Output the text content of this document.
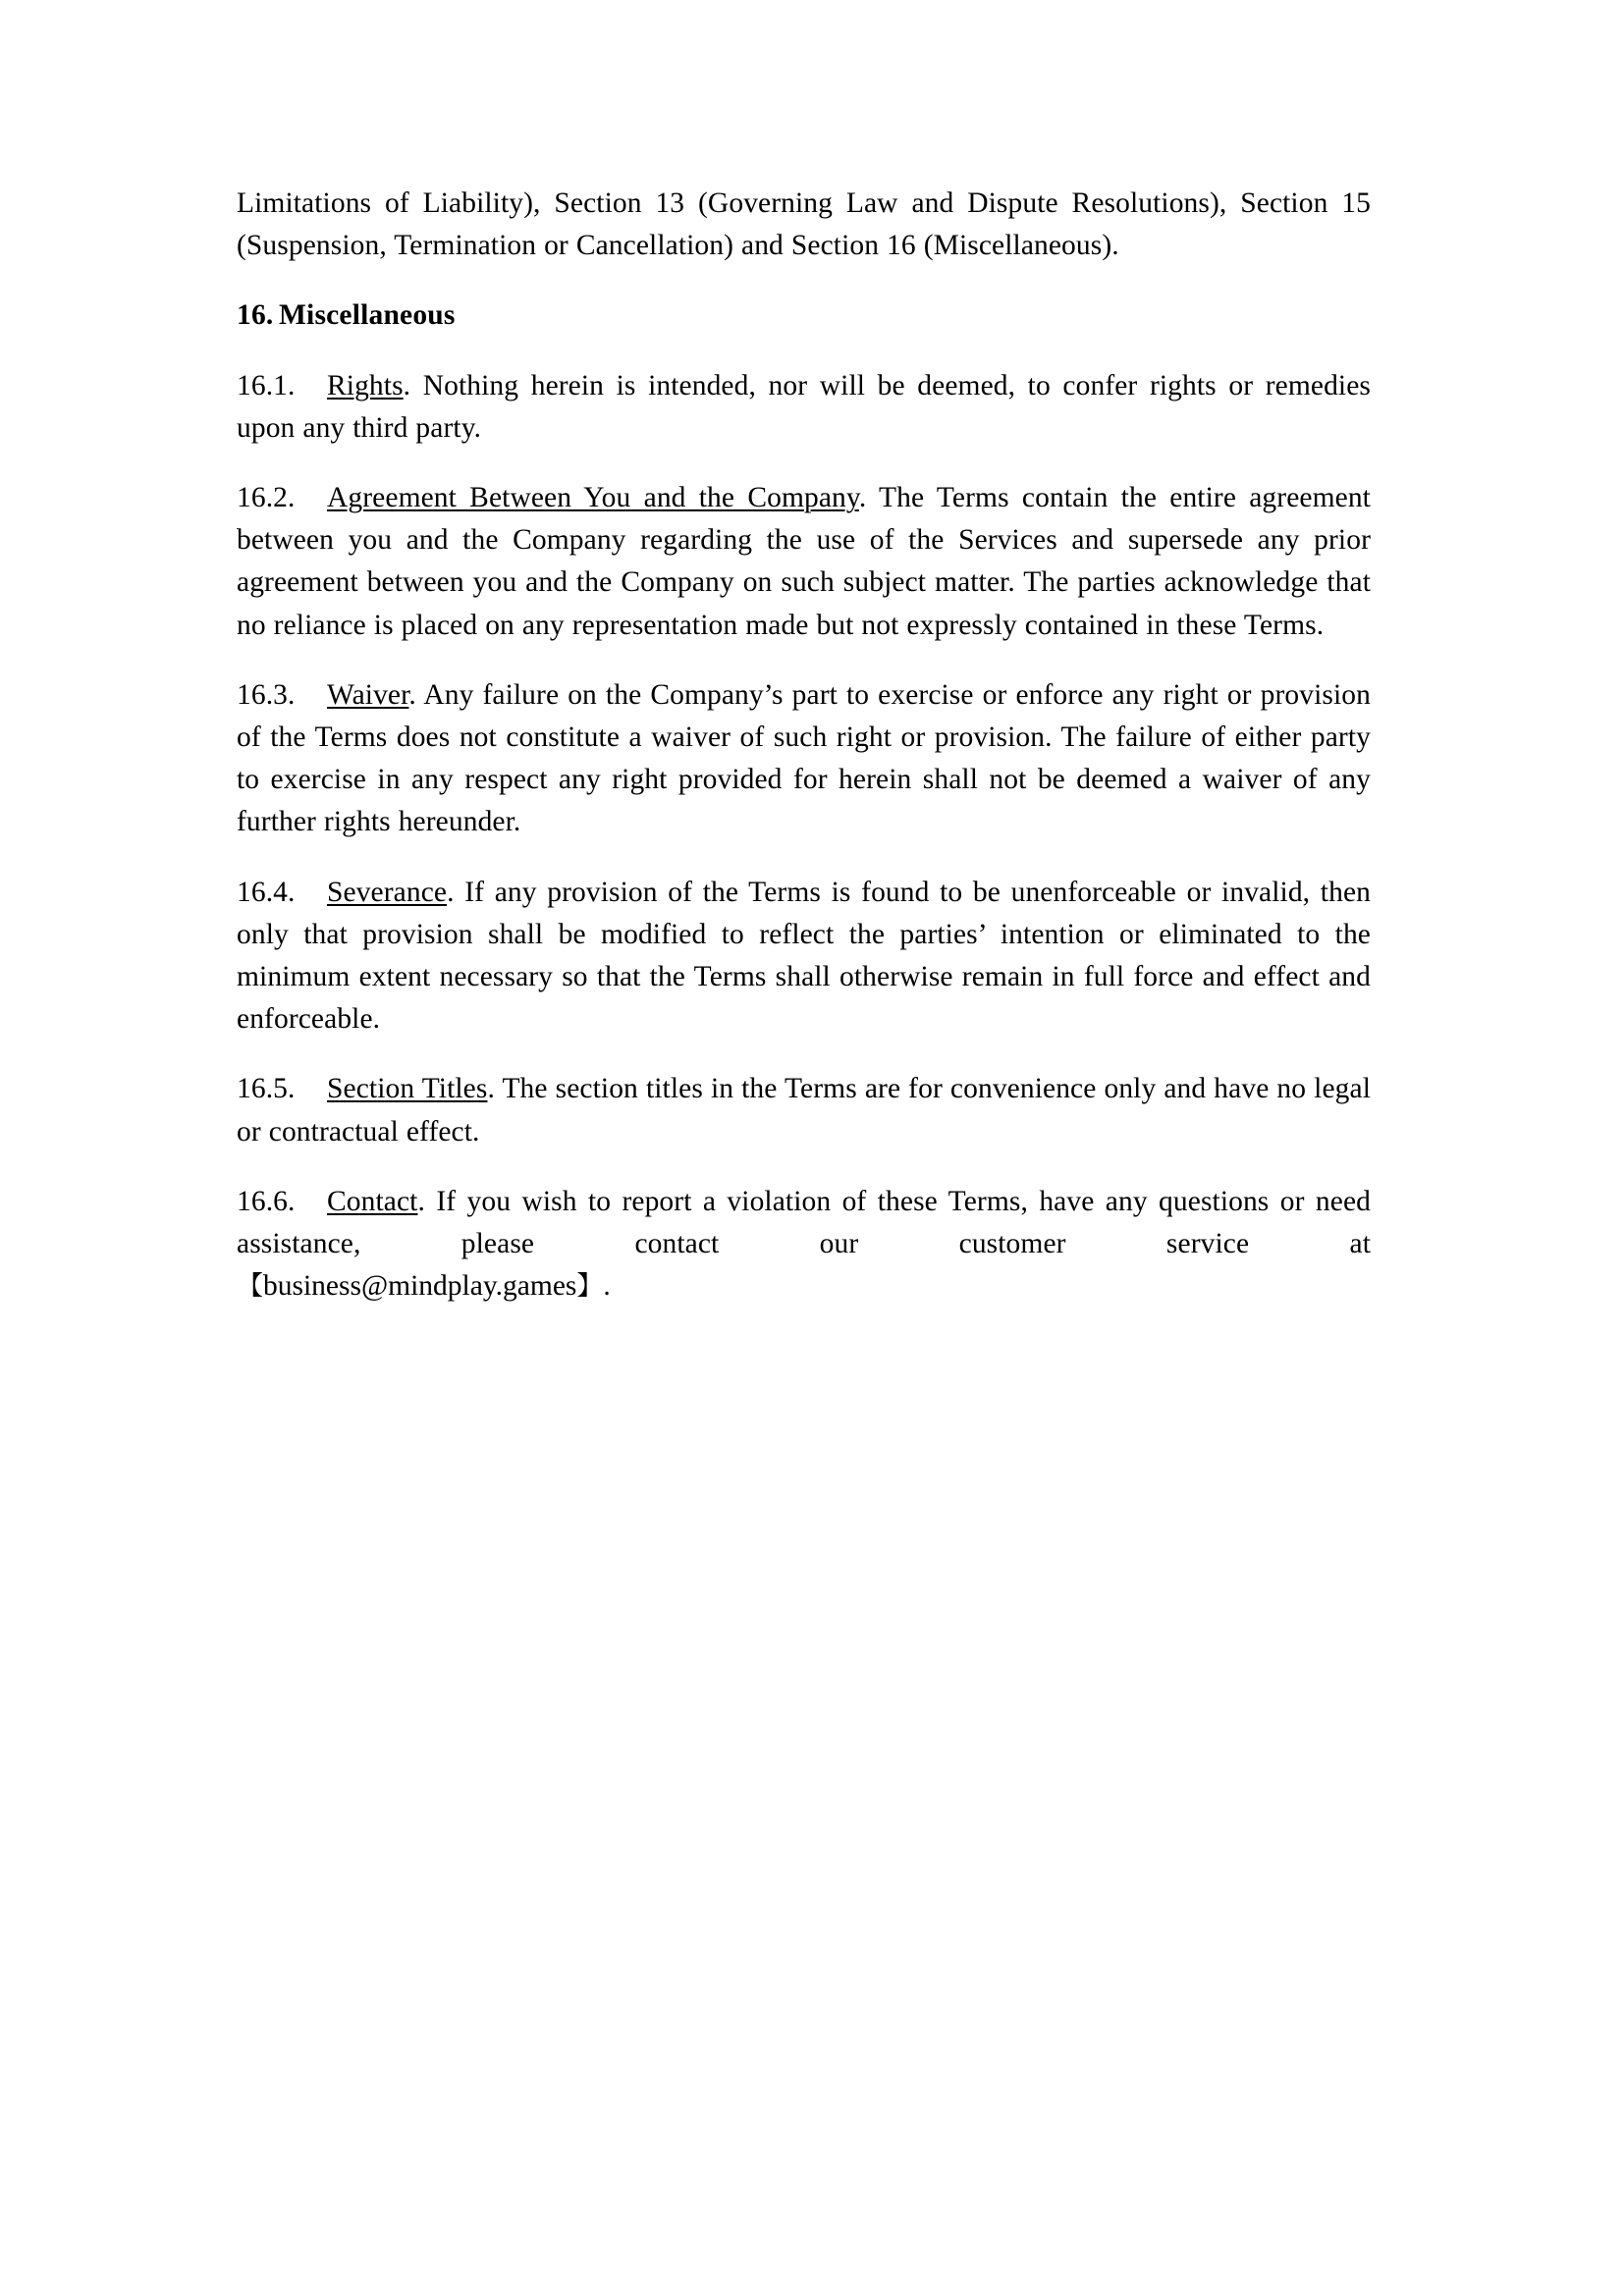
Limitations of Liability), Section 13 (Governing Law and Dispute Resolutions), Section 15 (Suspension, Termination or Cancellation) and Section 16 (Miscellaneous).

16. Miscellaneous

16.1. Rights. Nothing herein is intended, nor will be deemed, to confer rights or remedies upon any third party.

16.2. Agreement Between You and the Company. The Terms contain the entire agreement between you and the Company regarding the use of the Services and supersede any prior agreement between you and the Company on such subject matter. The parties acknowledge that no reliance is placed on any representation made but not expressly contained in these Terms.

16.3. Waiver. Any failure on the Company’s part to exercise or enforce any right or provision of the Terms does not constitute a waiver of such right or provision. The failure of either party to exercise in any respect any right provided for herein shall not be deemed a waiver of any further rights hereunder.

16.4. Severance. If any provision of the Terms is found to be unenforceable or invalid, then only that provision shall be modified to reflect the parties’ intention or eliminated to the minimum extent necessary so that the Terms shall otherwise remain in full force and effect and enforceable.

16.5. Section Titles. The section titles in the Terms are for convenience only and have no legal or contractual effect.

16.6. Contact. If you wish to report a violation of these Terms, have any questions or need assistance, please contact our customer service at

【business@mindplay.games】.
